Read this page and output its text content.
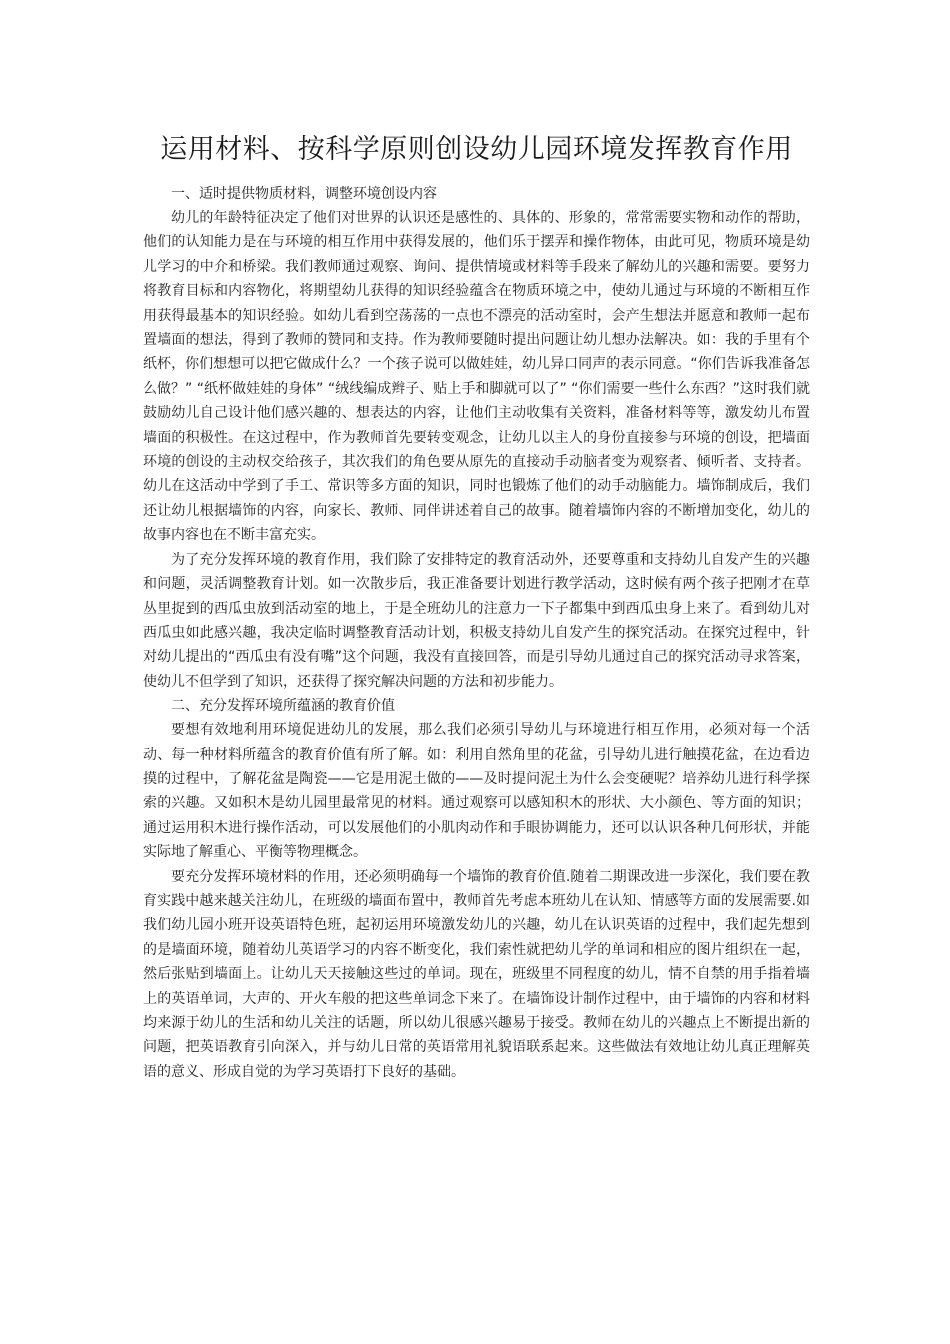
运用材料、按科学原则创设幼儿园环境发挥教育作用

一、适时提供物质材料，调整环境创设内容

幼儿的年龄特征决定了他们对世界的认识还是感性的、具体的、形象的，常常需要实物和动作的帮助，他们的认知能力是在与环境的相互作用中获得发展的，他们乐于摆弄和操作物体，由此可见，物质环境是幼儿学习的中介和桥梁。我们教师通过观察、询问、提供情境或材料等手段来了解幼儿的兴趣和需要。要努力将教育目标和内容物化，将期望幼儿获得的知识经验蕴含在物质环境之中，使幼儿通过与环境的不断相互作用获得最基本的知识经验。如幼儿看到空荡荡的一点也不漂亮的活动室时，会产生想法并愿意和教师一起布置墙面的想法，得到了教师的赞同和支持。作为教师要随时提出问题让幼儿想办法解决。如：我的手里有个纸杯，你们想想可以把它做成什么？一个孩子说可以做娃娃，幼儿异口同声的表示同意。“你们告诉我准备怎么做？” “纸杯做娃娃的身体” “绒线编成辫子、贴上手和脚就可以了” “你们需要一些什么东西？”这时我们就鼓励幼儿自己设计他们感兴趣的、想表达的内容，让他们主动收集有关资料，准备材料等等，激发幼儿布置墙面的积极性。在这过程中，作为教师首先要转变观念，让幼儿以主人的身份直接参与环境的创设，把墙面环境的创设的主动权交给孩子，其次我们的角色要从原先的直接动手动脑者变为观察者、倾听者、支持者。幼儿在这活动中学到了手工、常识等多方面的知识，同时也锻炼了他们的动手动脑能力。墙饰制成后，我们还让幼儿根据墙饰的内容，向家长、教师、同伴讲述着自己的故事。随着墙饰内容的不断增加变化，幼儿的故事内容也在不断丰富充实。

为了充分发挥环境的教育作用，我们除了安排特定的教育活动外，还要尊重和支持幼儿自发产生的兴趣和问题，灵活调整教育计划。如一次散步后，我正准备要计划进行教学活动，这时候有两个孩子把刚才在草丛里捉到的西瓜虫放到活动室的地上，于是全班幼儿的注意力一下子都集中到西瓜虫身上来了。看到幼儿对西瓜虫如此感兴趣，我决定临时调整教育活动计划，积极支持幼儿自发产生的探究活动。在探究过程中，针对幼儿提出的“西瓜虫有没有嘴”这个问题，我没有直接回答，而是引导幼儿通过自己的探究活动寻求答案，使幼儿不但学到了知识，还获得了探究解决问题的方法和初步能力。

二、充分发挥环境所蕴涵的教育价值

要想有效地利用环境促进幼儿的发展，那么我们必须引导幼儿与环境进行相互作用，必须对每一个活动、每一种材料所蕴含的教育价值有所了解。如：利用自然角里的花盆，引导幼儿进行触摸花盆，在边看边摸的过程中，了解花盆是陶瓷——它是用泥土做的——及时提问泥土为什么会变硬呢？培养幼儿进行科学探索的兴趣。又如积木是幼儿园里最常见的材料。通过观察可以感知积木的形状、大小颜色、等方面的知识；通过运用积木进行操作活动，可以发展他们的小肌肉动作和手眼协调能力，还可以认识各种几何形状，并能实际地了解重心、平衡等物理概念。

要充分发挥环境材料的作用，还必须明确每一个墙饰的教育价值.随着二期课改进一步深化，我们要在教育实践中越来越关注幼儿，在班级的墙面布置中，教师首先考虑本班幼儿在认知、情感等方面的发展需要.如我们幼儿园小班开设英语特色班，起初运用环境激发幼儿的兴趣，幼儿在认识英语的过程中，我们起先想到的是墙面环境，随着幼儿英语学习的内容不断变化，我们索性就把幼儿学的单词和相应的图片组织在一起，然后张贴到墙面上。让幼儿天天接触这些过的单词。现在，班级里不同程度的幼儿，情不自禁的用手指着墙上的英语单词，大声的、开火车般的把这些单词念下来了。在墙饰设计制作过程中，由于墙饰的内容和材料均来源于幼儿的生活和幼儿关注的话题，所以幼儿很感兴趣易于接受。教师在幼儿的兴趣点上不断提出新的问题，把英语教育引向深入，并与幼儿日常的英语常用礼貌语联系起来。这些做法有效地让幼儿真正理解英语的意义、形成自觉的为学习英语打下良好的基础。
